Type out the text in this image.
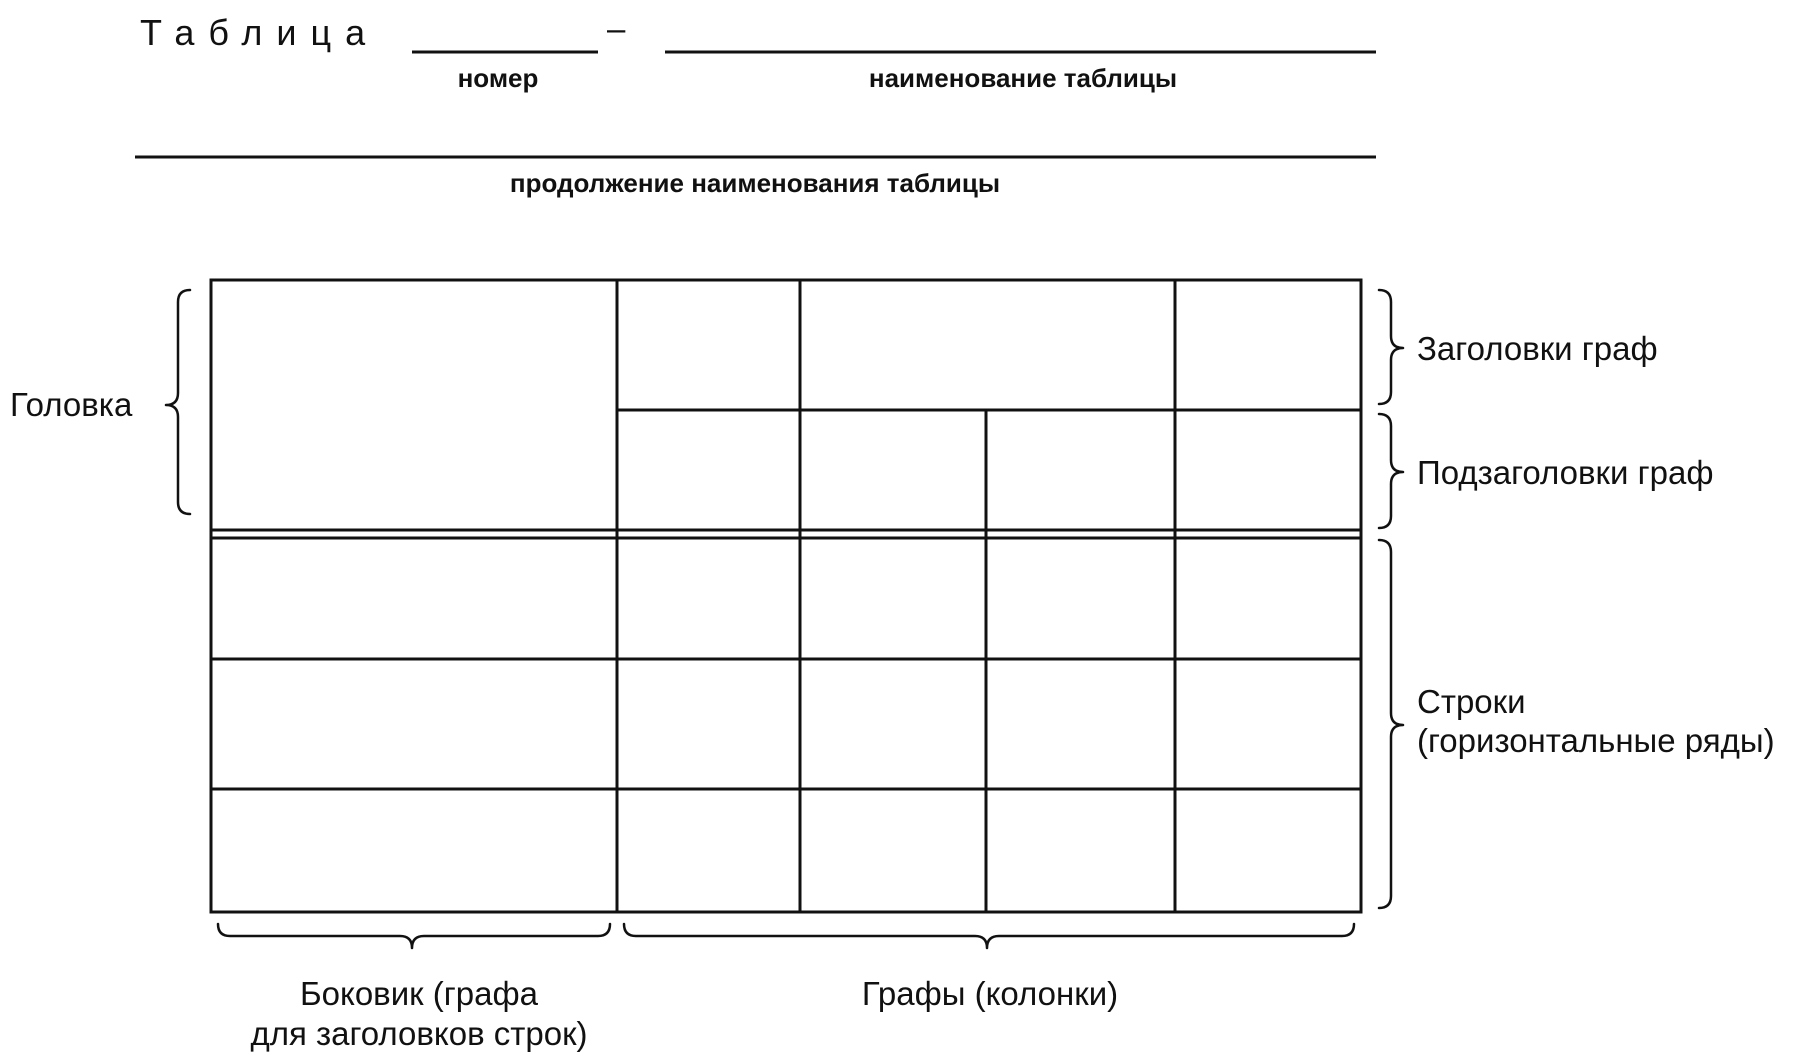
Таблица	–
номер	наименование таблицы
продолжение наименования таблицы
Головка
Заголовки граф
Подзаголовки граф
Строки
(горизонтальные ряды)
Боковик (графа
для заголовков строк)
Графы (колонки)
